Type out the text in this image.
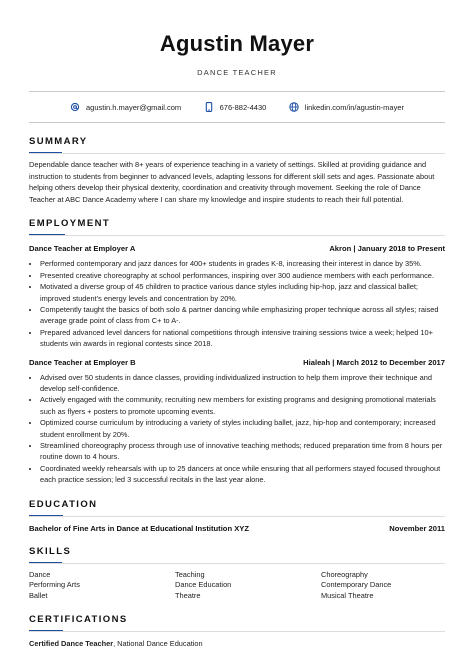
Agustin Mayer
DANCE TEACHER
agustin.h.mayer@gmail.com	676-882-4430	linkedin.com/in/agustin-mayer
SUMMARY

Dependable dance teacher with 8+ years of experience teaching in a variety of settings. Skilled at providing guidance and instruction to students from beginner to advanced levels, adapting lessons for different skill sets and ages. Passionate about helping others develop their physical dexterity, coordination and creativity through movement. Seeking the role of Dance Teacher at ABC Dance Academy where I can share my knowledge and inspire students to reach their full potential.

EMPLOYMENT
Dance Teacher at Employer A	Akron | January 2018 to Present
• Performed contemporary and jazz dances for 400+ students in grades K-8, increasing their interest in dance by 35%.
• Presented creative choreography at school performances, inspiring over 300 audience members with each performance.
• Motivated a diverse group of 45 children to practice various dance styles including hip-hop, jazz and classical ballet; improved student's energy levels and concentration by 20%.
• Competently taught the basics of both solo & partner dancing while emphasizing proper technique across all styles; raised average grade point of class from C+ to A-.
• Prepared advanced level dancers for national competitions through intensive training sessions twice a week; helped 10+ students win awards in regional contests since 2018.
Dance Teacher at Employer B	Hialeah | March 2012 to December 2017
• Advised over 50 students in dance classes, providing individualized instruction to help them improve their technique and develop self-confidence.
• Actively engaged with the community, recruiting new members for existing programs and designing promotional materials such as flyers + posters to promote upcoming events.
• Optimized course curriculum by introducing a variety of styles including ballet, jazz, hip-hop and contemporary; increased student enrollment by 20%.
• Streamlined choreography process through use of innovative teaching methods; reduced preparation time from 8 hours per routine down to 4 hours.
• Coordinated weekly rehearsals with up to 25 dancers at once while ensuring that all performers stayed focused throughout each practice session; led 3 successful recitals in the last year alone.
EDUCATION
Bachelor of Fine Arts in Dance at Educational Institution XYZ	November 2011
SKILLS
Dance	Teaching	Choreography
Performing Arts	Dance Education	Contemporary Dance
Ballet	Theatre	Musical Theatre
CERTIFICATIONS
Certified Dance Teacher, National Dance Education
